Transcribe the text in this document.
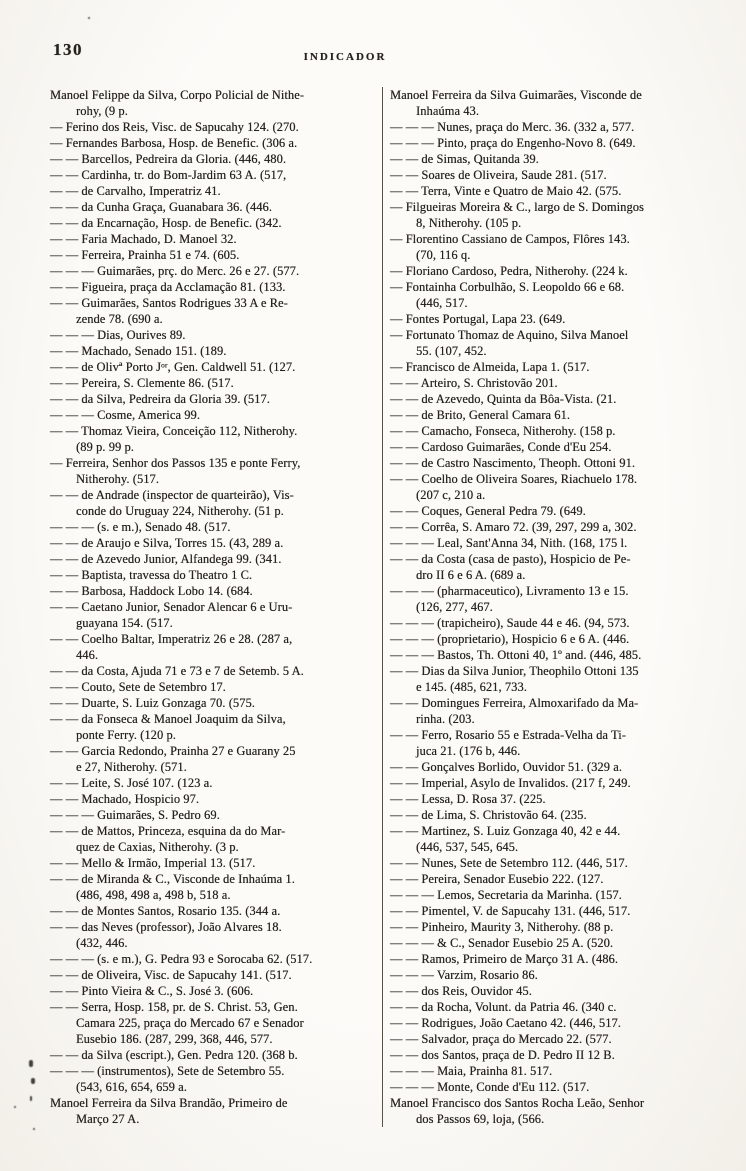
130	INDICADOR
Manoel Felippe da Silva, Corpo Policial de Nithe-
rohy, (9 p.
— Ferino dos Reis, Visc. de Sapucahy 124. (270.
— Fernandes Barbosa, Hosp. de Benefic. (306 a.
— — Barcellos, Pedreira da Gloria. (446, 480.
— — Cardinha, tr. do Bom-Jardim 63 A. (517,
— — de Carvalho, Imperatriz 41.
— — da Cunha Graça, Guanabara 36. (446.
— — da Encarnação, Hosp. de Benefic. (342.
— — Faria Machado, D. Manoel 32.
— — Ferreira, Prainha 51 e 74. (605.
— — — Guimarães, prç. do Merc. 26 e 27. (577.
— — Figueira, praça da Acclamação 81. (133.
— — Guimarães, Santos Rodrigues 33 A e Re-
zende 78. (690 a.
— — — Dias, Ourives 89.
— — Machado, Senado 151. (189.
— — de Olivª Porto Jᵒʳ, Gen. Caldwell 51. (127.
— — Pereira, S. Clemente 86. (517.
— — da Silva, Pedreira da Gloria 39. (517.
— — — Cosme, America 99.
— — Thomaz Vieira, Conceição 112, Nitherohy.
(89 p. 99 p.
— Ferreira, Senhor dos Passos 135 e ponte Ferry,
Nitherohy. (517.
— — de Andrade (inspector de quarteirão), Vis-
conde do Uruguay 224, Nitherohy. (51 p.
— — — (s. e m.), Senado 48. (517.
— — de Araujo e Silva, Torres 15. (43, 289 a.
— — de Azevedo Junior, Alfandega 99. (341.
— — Baptista, travessa do Theatro 1 C.
— — Barbosa, Haddock Lobo 14. (684.
— — Caetano Junior, Senador Alencar 6 e Uru-
guayana 154. (517.
— — Coelho Baltar, Imperatriz 26 e 28. (287 a,
446.
— — da Costa, Ajuda 71 e 73 e 7 de Setemb. 5 A.
— — Couto, Sete de Setembro 17.
— — Duarte, S. Luiz Gonzaga 70. (575.
— — da Fonseca & Manoel Joaquim da Silva,
ponte Ferry. (120 p.
— — Garcia Redondo, Prainha 27 e Guarany 25
e 27, Nitherohy. (571.
— — Leite, S. José 107. (123 a.
— — Machado, Hospicio 97.
— — — Guimarães, S. Pedro 69.
— — de Mattos, Princeza, esquina da do Mar-
quez de Caxias, Nitherohy. (3 p.
— — Mello & Irmão, Imperial 13. (517.
— — de Miranda & C., Visconde de Inhaúma 1.
(486, 498, 498 a, 498 b, 518 a.
— — de Montes Santos, Rosario 135. (344 a.
— — das Neves (professor), João Alvares 18.
(432, 446.
— — — (s. e m.), G. Pedra 93 e Sorocaba 62. (517.
— — de Oliveira, Visc. de Sapucahy 141. (517.
— — Pinto Vieira & C., S. José 3. (606.
— — Serra, Hosp. 158, pr. de S. Christ. 53, Gen.
Camara 225, praça do Mercado 67 e Senador
Eusebio 186. (287, 299, 368, 446, 577.
— — da Silva (escript.), Gen. Pedra 120. (368 b.
— — — (instrumentos), Sete de Setembro 55.
(543, 616, 654, 659 a.
Manoel Ferreira da Silva Brandão, Primeiro de
Março 27 A.
Manoel Ferreira da Silva Guimarães, Visconde de
Inhaúma 43.
— — — Nunes, praça do Merc. 36. (332 a, 577.
— — — Pinto, praça do Engenho-Novo 8. (649.
— — de Simas, Quitanda 39.
— — Soares de Oliveira, Saude 281. (517.
— — Terra, Vinte e Quatro de Maio 42. (575.
— Filgueiras Moreira & C., largo de S. Domingos
8, Nitherohy. (105 p.
— Florentino Cassiano de Campos, Flôres 143.
(70, 116 q.
— Floriano Cardoso, Pedra, Nitherohy. (224 k.
— Fontainha Corbulhão, S. Leopoldo 66 e 68.
(446, 517.
— Fontes Portugal, Lapa 23. (649.
— Fortunato Thomaz de Aquino, Silva Manoel
55. (107, 452.
— Francisco de Almeida, Lapa 1. (517.
— — Arteiro, S. Christovão 201.
— — de Azevedo, Quinta da Bôa-Vista. (21.
— — de Brito, General Camara 61.
— — Camacho, Fonseca, Nitherohy. (158 p.
— — Cardoso Guimarães, Conde d'Eu 254.
— — de Castro Nascimento, Theoph. Ottoni 91.
— — Coelho de Oliveira Soares, Riachuelo 178.
(207 c, 210 a.
— — Coques, General Pedra 79. (649.
— — Corrêa, S. Amaro 72. (39, 297, 299 a, 302.
— — — Leal, Sant'Anna 34, Nith. (168, 175 l.
— — da Costa (casa de pasto), Hospicio de Pe-
dro II 6 e 6 A. (689 a.
— — — (pharmaceutico), Livramento 13 e 15.
(126, 277, 467.
— — — (trapicheiro), Saude 44 e 46. (94, 573.
— — — (proprietario), Hospicio 6 e 6 A. (446.
— — — Bastos, Th. Ottoni 40, 1º and. (446, 485.
— — Dias da Silva Junior, Theophilo Ottoni 135
e 145. (485, 621, 733.
— — Domingues Ferreira, Almoxarifado da Ma-
rinha. (203.
— — Ferro, Rosario 55 e Estrada-Velha da Ti-
juca 21. (176 b, 446.
— — Gonçalves Borlido, Ouvidor 51. (329 a.
— — Imperial, Asylo de Invalidos. (217 f, 249.
— — Lessa, D. Rosa 37. (225.
— — de Lima, S. Christovão 64. (235.
— — Martinez, S. Luiz Gonzaga 40, 42 e 44.
(446, 537, 545, 645.
— — Nunes, Sete de Setembro 112. (446, 517.
— — Pereira, Senador Eusebio 222. (127.
— — — Lemos, Secretaria da Marinha. (157.
— — Pimentel, V. de Sapucahy 131. (446, 517.
— — Pinheiro, Maurity 3, Nitherohy. (88 p.
— — — & C., Senador Eusebio 25 A. (520.
— — Ramos, Primeiro de Março 31 A. (486.
— — — Varzim, Rosario 86.
— — dos Reis, Ouvidor 45.
— — da Rocha, Volunt. da Patria 46. (340 c.
— — Rodrigues, João Caetano 42. (446, 517.
— — Salvador, praça do Mercado 22. (577.
— — dos Santos, praça de D. Pedro II 12 B.
— — — Maia, Prainha 81. 517.
— — — Monte, Conde d'Eu 112. (517.
Manoel Francisco dos Santos Rocha Leão, Senhor
dos Passos 69, loja, (566.
